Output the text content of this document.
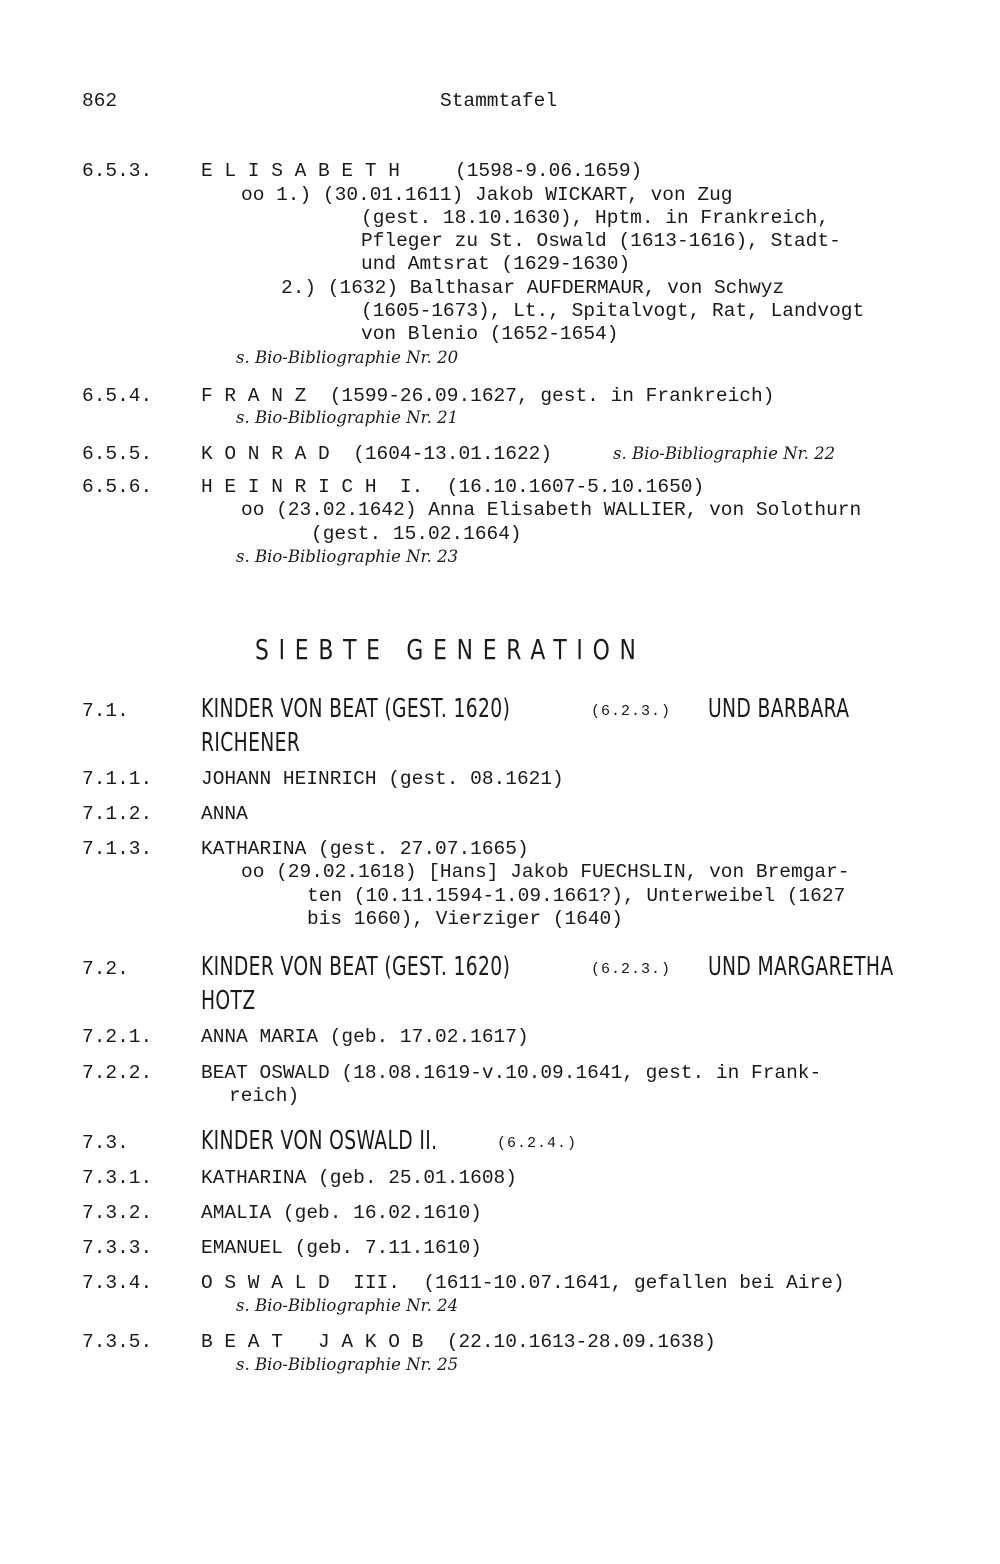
862	Stammtafel
6.5.3.	E L I S A B E T H	(1598-9.06.1659)
oo 1.) (30.01.1611) Jakob WICKART, von Zug
(gest. 18.10.1630), Hptm. in Frankreich,
Pfleger zu St. Oswald (1613-1616), Stadt-
und Amtsrat (1629-1630)
2.) (1632) Balthasar AUFDERMAUR, von Schwyz
(1605-1673), Lt., Spitalvogt, Rat, Landvogt
von Blenio (1652-1654)
s. Bio-Bibliographie Nr. 20
6.5.4.	F R A N Z  (1599-26.09.1627, gest. in Frankreich)
s. Bio-Bibliographie Nr. 21
6.5.5.	K O N R A D  (1604-13.01.1622)	s. Bio-Bibliographie Nr. 22
6.5.6.	H E I N R I C H  I.  (16.10.1607-5.10.1650)
oo (23.02.1642) Anna Elisabeth WALLIER, von Solothurn
(gest. 15.02.1664)
s. Bio-Bibliographie Nr. 23
SIEBTE GENERATION
7.1.	KINDER VON BEAT (GEST. 1620)	(6.2.3.) UND BARBARA
RICHENER
7.1.1.	JOHANN HEINRICH (gest. 08.1621)
7.1.2.	ANNA
7.1.3.	KATHARINA (gest. 27.07.1665)
oo (29.02.1618) [Hans] Jakob FUECHSLIN, von Bremgar-
ten (10.11.1594-1.09.1661?), Unterweibel (1627
bis 1660), Vierziger (1640)
7.2.	KINDER VON BEAT (GEST. 1620)	(6.2.3.) UND MARGARETHA
HOTZ
7.2.1.	ANNA MARIA (geb. 17.02.1617)
7.2.2.	BEAT OSWALD (18.08.1619-v.10.09.1641, gest. in Frank-
reich)
7.3.	KINDER VON OSWALD II.	(6.2.4.)
7.3.1.	KATHARINA (geb. 25.01.1608)
7.3.2.	AMALIA (geb. 16.02.1610)
7.3.3.	EMANUEL (geb. 7.11.1610)
7.3.4.	O S W A L D  III.  (1611-10.07.1641, gefallen bei Aire)
s. Bio-Bibliographie Nr. 24
7.3.5.	B E A T   J A K O B  (22.10.1613-28.09.1638)
s. Bio-Bibliographie Nr. 25
